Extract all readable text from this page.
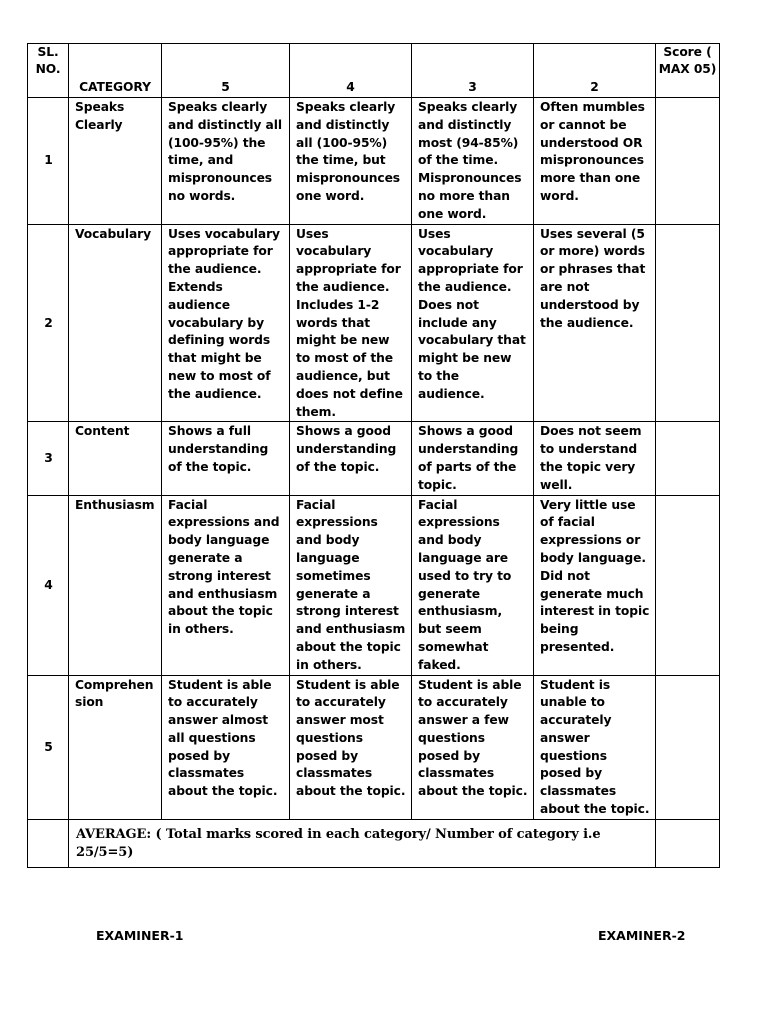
SL. NO.	CATEGORY	5	4	3	2	Score ( MAX 05)
1	Speaks Clearly	Speaks clearly and distinctly all (100-95%) the time, and mispronounces no words.	Speaks clearly and distinctly all (100-95%) the time, but mispronounces one word.	Speaks clearly and distinctly most (94-85%) of the time. Mispronounces no more than one word.	Often mumbles or cannot be understood OR mispronounces more than one word.	
2	Vocabulary	Uses vocabulary appropriate for the audience. Extends audience vocabulary by defining words that might be new to most of the audience.	Uses vocabulary appropriate for the audience. Includes 1-2 words that might be new to most of the audience, but does not define them.	Uses vocabulary appropriate for the audience. Does not include any vocabulary that might be new to the audience.	Uses several (5 or more) words or phrases that are not understood by the audience.	
3	Content	Shows a full understanding of the topic.	Shows a good understanding of the topic.	Shows a good understanding of parts of the topic.	Does not seem to understand the topic very well.	
4	Enthusiasm	Facial expressions and body language generate a strong interest and enthusiasm about the topic in others.	Facial expressions and body language sometimes generate a strong interest and enthusiasm about the topic in others.	Facial expressions and body language are used to try to generate enthusiasm, but seem somewhat faked.	Very little use of facial expressions or body language. Did not generate much interest in topic being presented.	
5	Comprehen sion	Student is able to accurately answer almost all questions posed by classmates about the topic.	Student is able to accurately answer most questions posed by classmates about the topic.	Student is able to accurately answer a few questions posed by classmates about the topic.	Student is unable to accurately answer questions posed by classmates about the topic.	
	AVERAGE: ( Total marks scored in each category/ Number of category i.e 25/5=5)					
EXAMINER-1	EXAMINER-2
